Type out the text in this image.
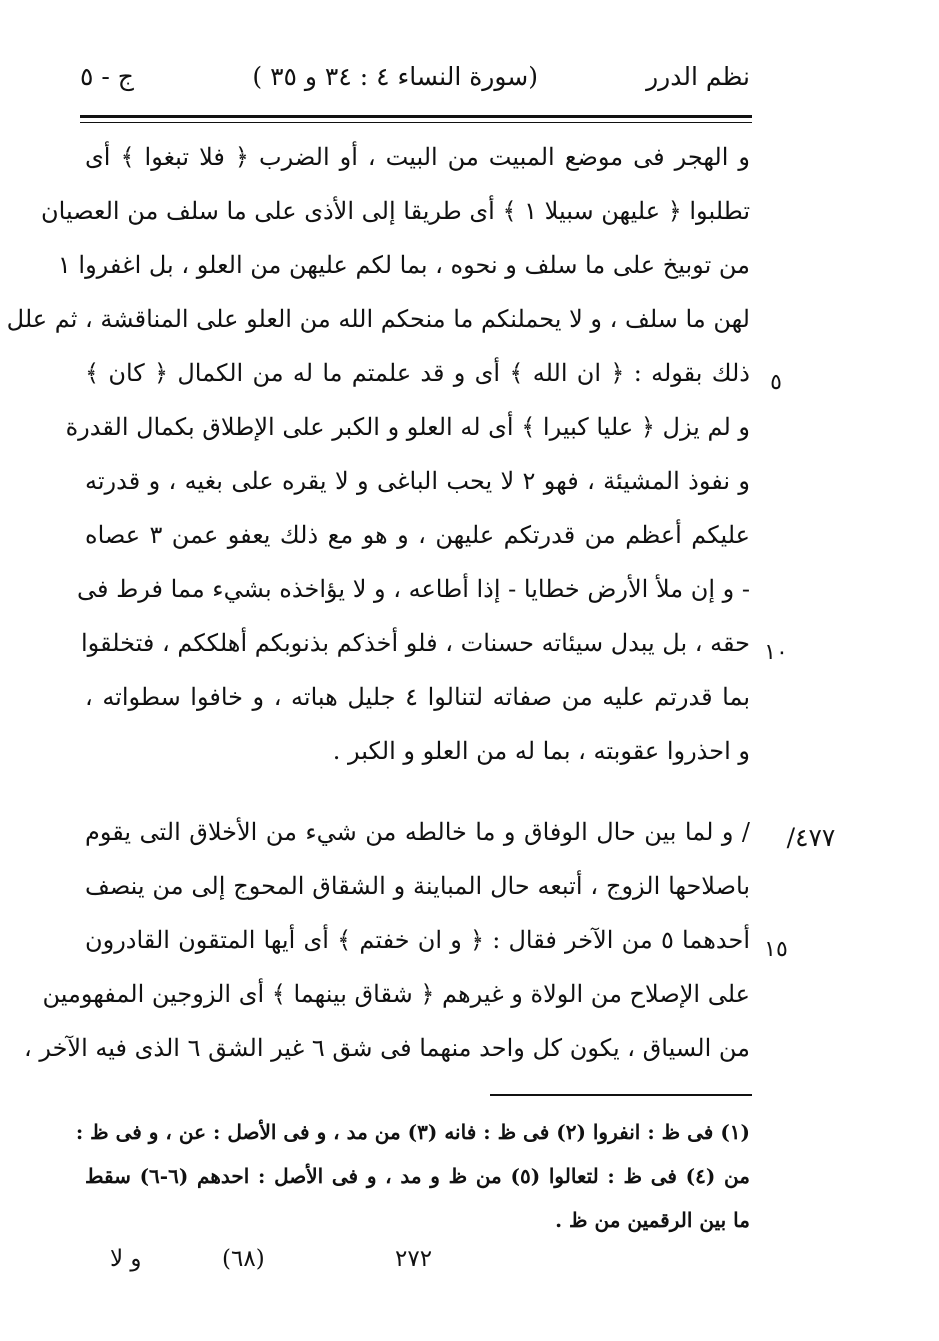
نظم الدرر
(سورة النساء ٤ : ٣٤ و ٣٥ )
ج - ٥
و الهجر فى موضع المبيت من البيت ، أو الضرب ﴿ فلا تبغوا ﴾ أى
تطلبوا ﴿ عليهن سبيلا ١ ﴾ أى طريقا إلى الأذى على ما سلف من العصيان
من توبيخ على ما سلف و نحوه ، بما لكم عليهن من العلو ، بل اغفروا ١
لهن ما سلف ، و لا يحملنكم ما منحكم الله من العلو على المناقشة ، ثم علل
ذلك بقوله : ﴿ ان الله ﴾ أى و قد علمتم ما له من الكمال ﴿ كان ﴾
و لم يزل ﴿ عليا كبيرا ﴾ أى له العلو و الكبر على الإطلاق بكمال القدرة
و نفوذ المشيئة ، فهو ٢ لا يحب الباغى و لا يقره على بغيه ، و قدرته
عليكم أعظم من قدرتكم عليهن ، و هو مع ذلك يعفو عمن ٣ عصاه
- و إن ملأ الأرض خطايا - إذا أطاعه ، و لا يؤاخذه بشيء مما فرط فى
حقه ، بل يبدل سيئاته حسنات ، فلو أخذكم بذنوبكم أهلككم ، فتخلقوا
بما قدرتم عليه من صفاته لتنالوا ٤ جليل هباته ، و خافوا سطواته ،
و احذروا عقوبته ، بما له من العلو و الكبر .
/ و لما بين حال الوفاق و ما خالطه من شيء من الأخلاق التى يقوم
باصلاحها الزوج ، أتبعه حال المباينة و الشقاق المحوج إلى من ينصف
أحدهما ٥ من الآخر فقال : ﴿ و ان خفتم ﴾ أى أيها المتقون القادرون
على الإصلاح من الولاة و غيرهم ﴿ شقاق بينهما ﴾ أى الزوجين المفهومين
من السياق ، يكون كل واحد منهما فى شق ٦ غير الشق ٦ الذى فيه الآخر ،
٥
١٠
١٥
٤٧٧/
(١) فى ظ : انفروا (٢) فى ظ : فانه (٣) من مد ، و فى الأصل : عن ، و فى ظ :
من (٤) فى ظ : لتعالوا (٥) من ظ و مد ، و فى الأصل : احدهم (٦-٦) سقط
ما بين الرقمين من ظ .
٢٧٢
(٦٨)
و لا
